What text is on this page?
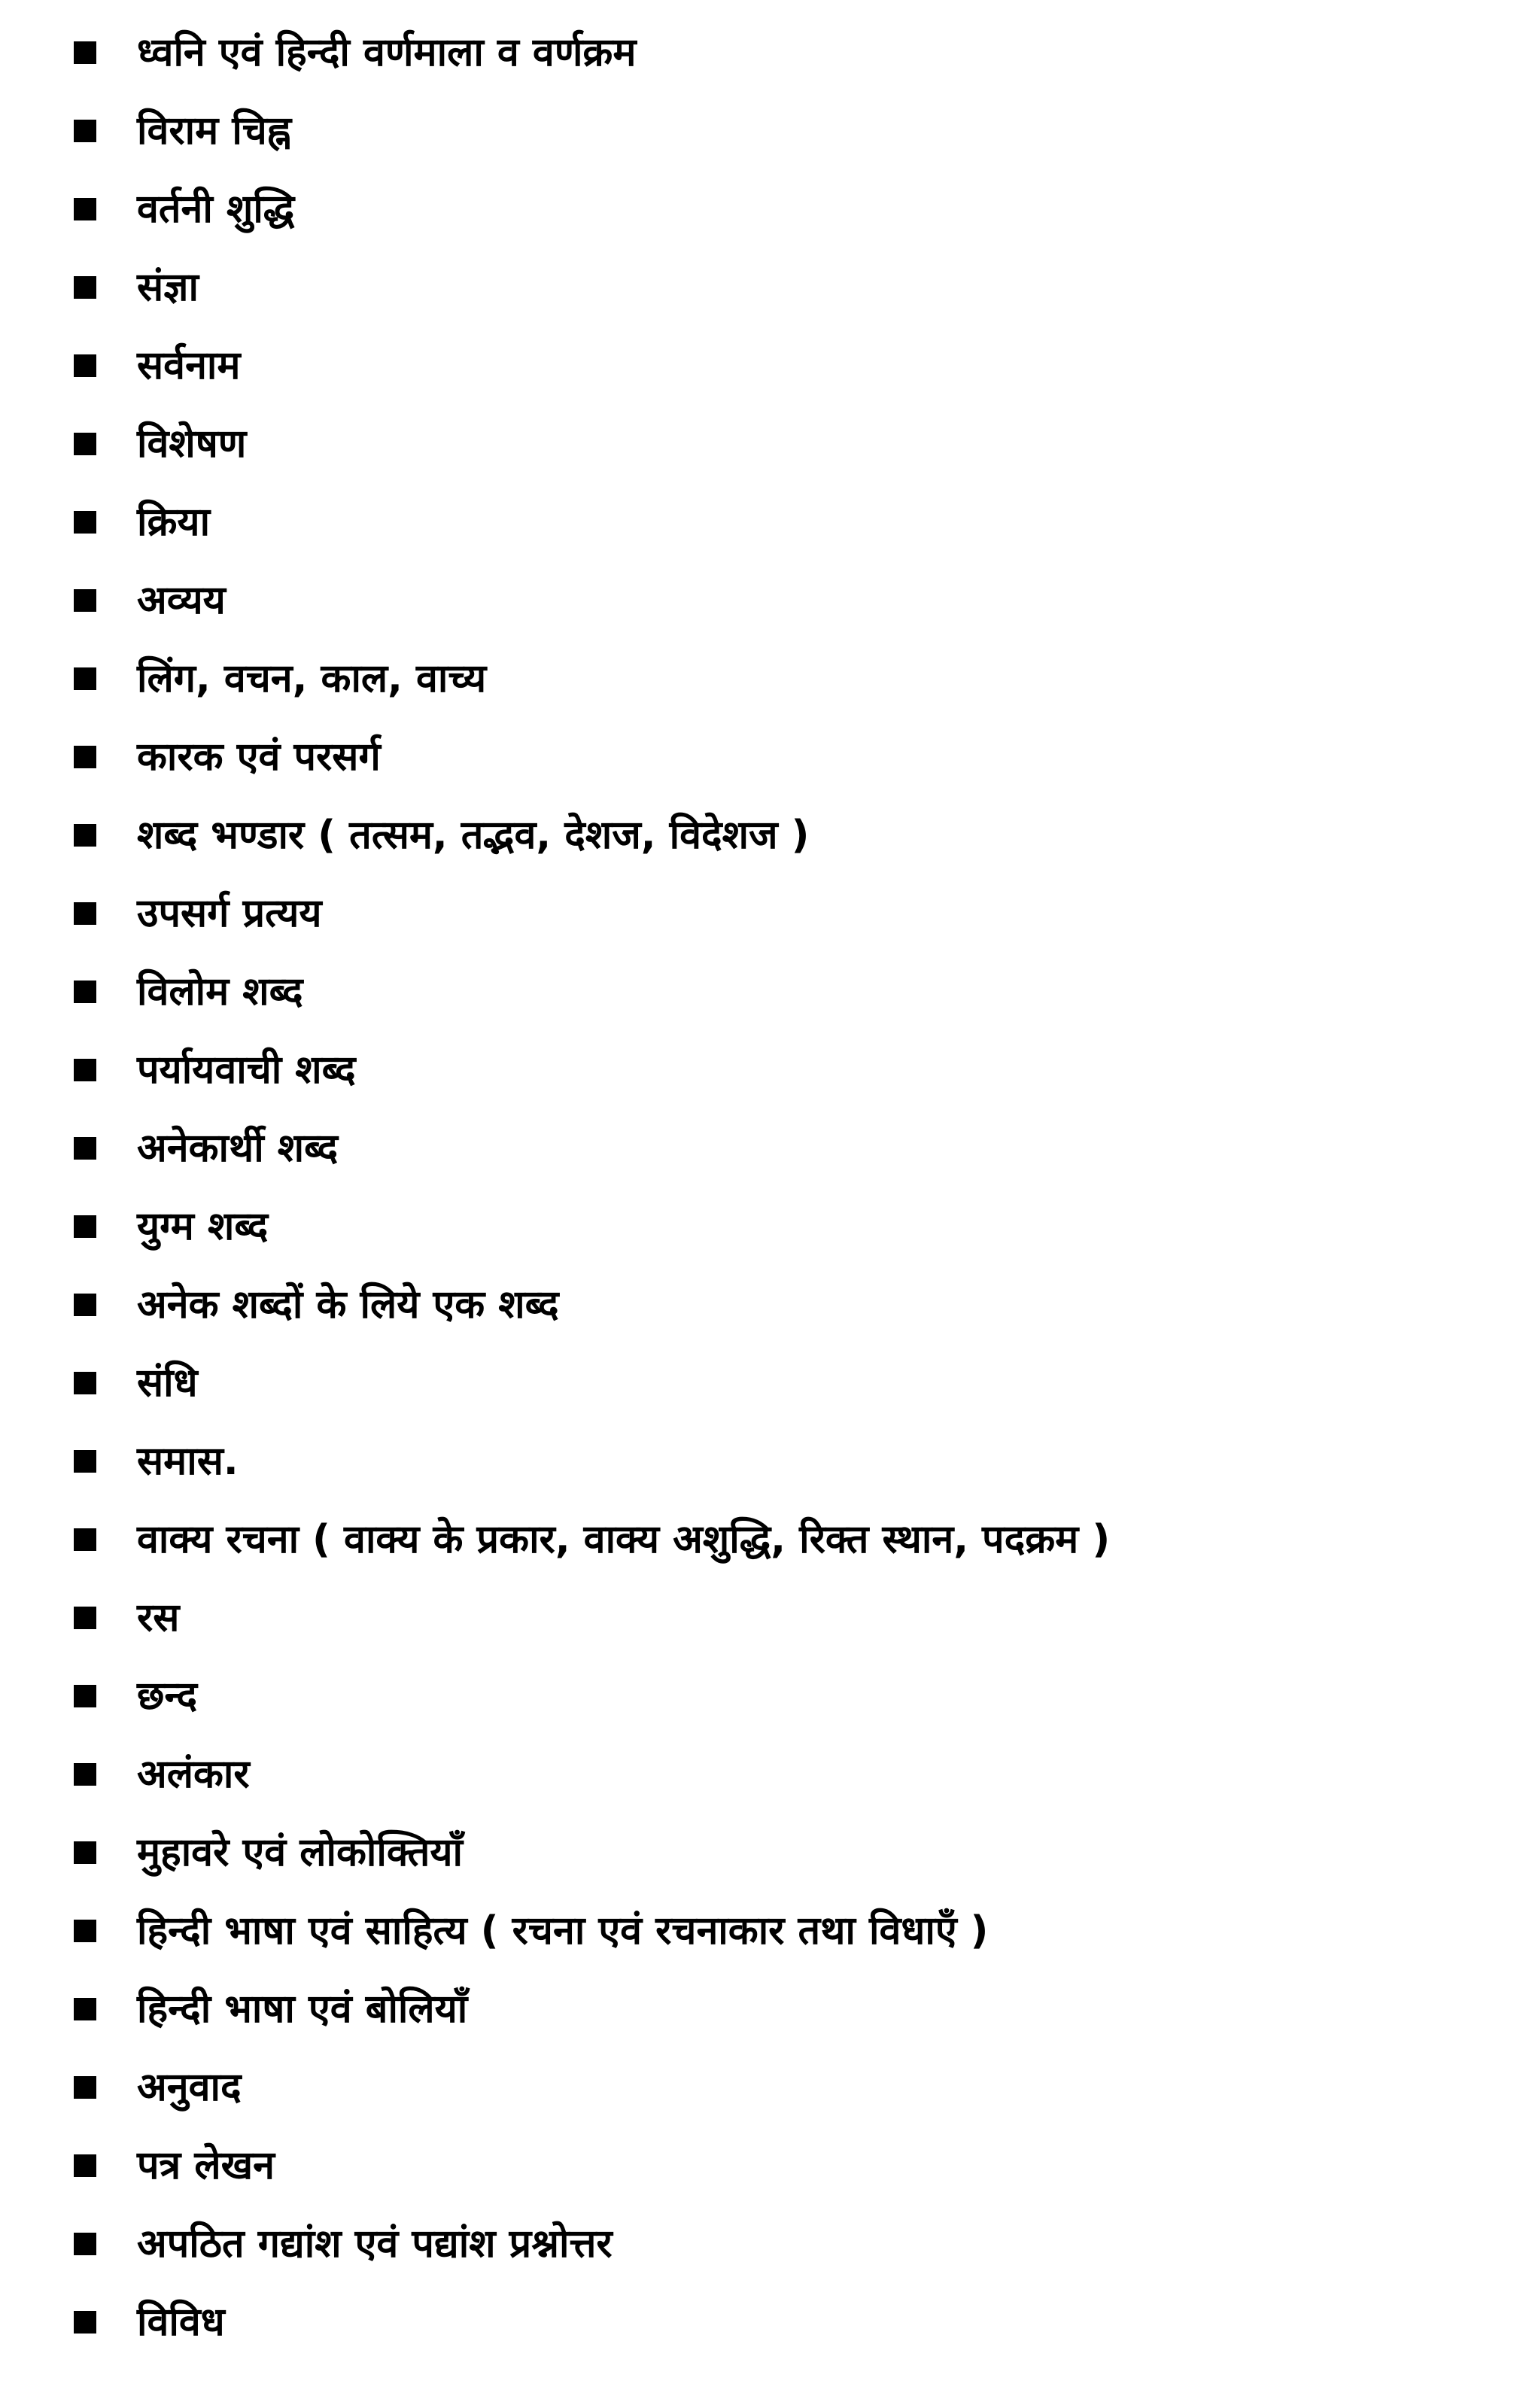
ध्वनि एवं हिन्दी वर्णमाला व वर्णक्रम
विराम चिह्न
वर्तनी शुद्धि
संज्ञा
सर्वनाम
विशेषण
क्रिया
अव्यय
लिंग, वचन, काल, वाच्य
कारक एवं परसर्ग
शब्द भण्डार ( तत्सम, तद्भव, देशज, विदेशज )
उपसर्ग प्रत्यय
विलोम शब्द
पर्यायवाची शब्द
अनेकार्थी शब्द
युग्म शब्द
अनेक शब्दों के लिये एक शब्द
संधि
समास.
वाक्य रचना ( वाक्य के प्रकार, वाक्य अशुद्धि, रिक्त स्थान, पदक्रम )
रस
छन्द
अलंकार
मुहावरे एवं लोकोक्तियाँ
हिन्दी भाषा एवं साहित्य ( रचना एवं रचनाकार तथा विधाएँ )
हिन्दी भाषा एवं बोलियाँ
अनुवाद
पत्र लेखन
अपठित गद्यांश एवं पद्यांश प्रश्नोत्तर
विविध
